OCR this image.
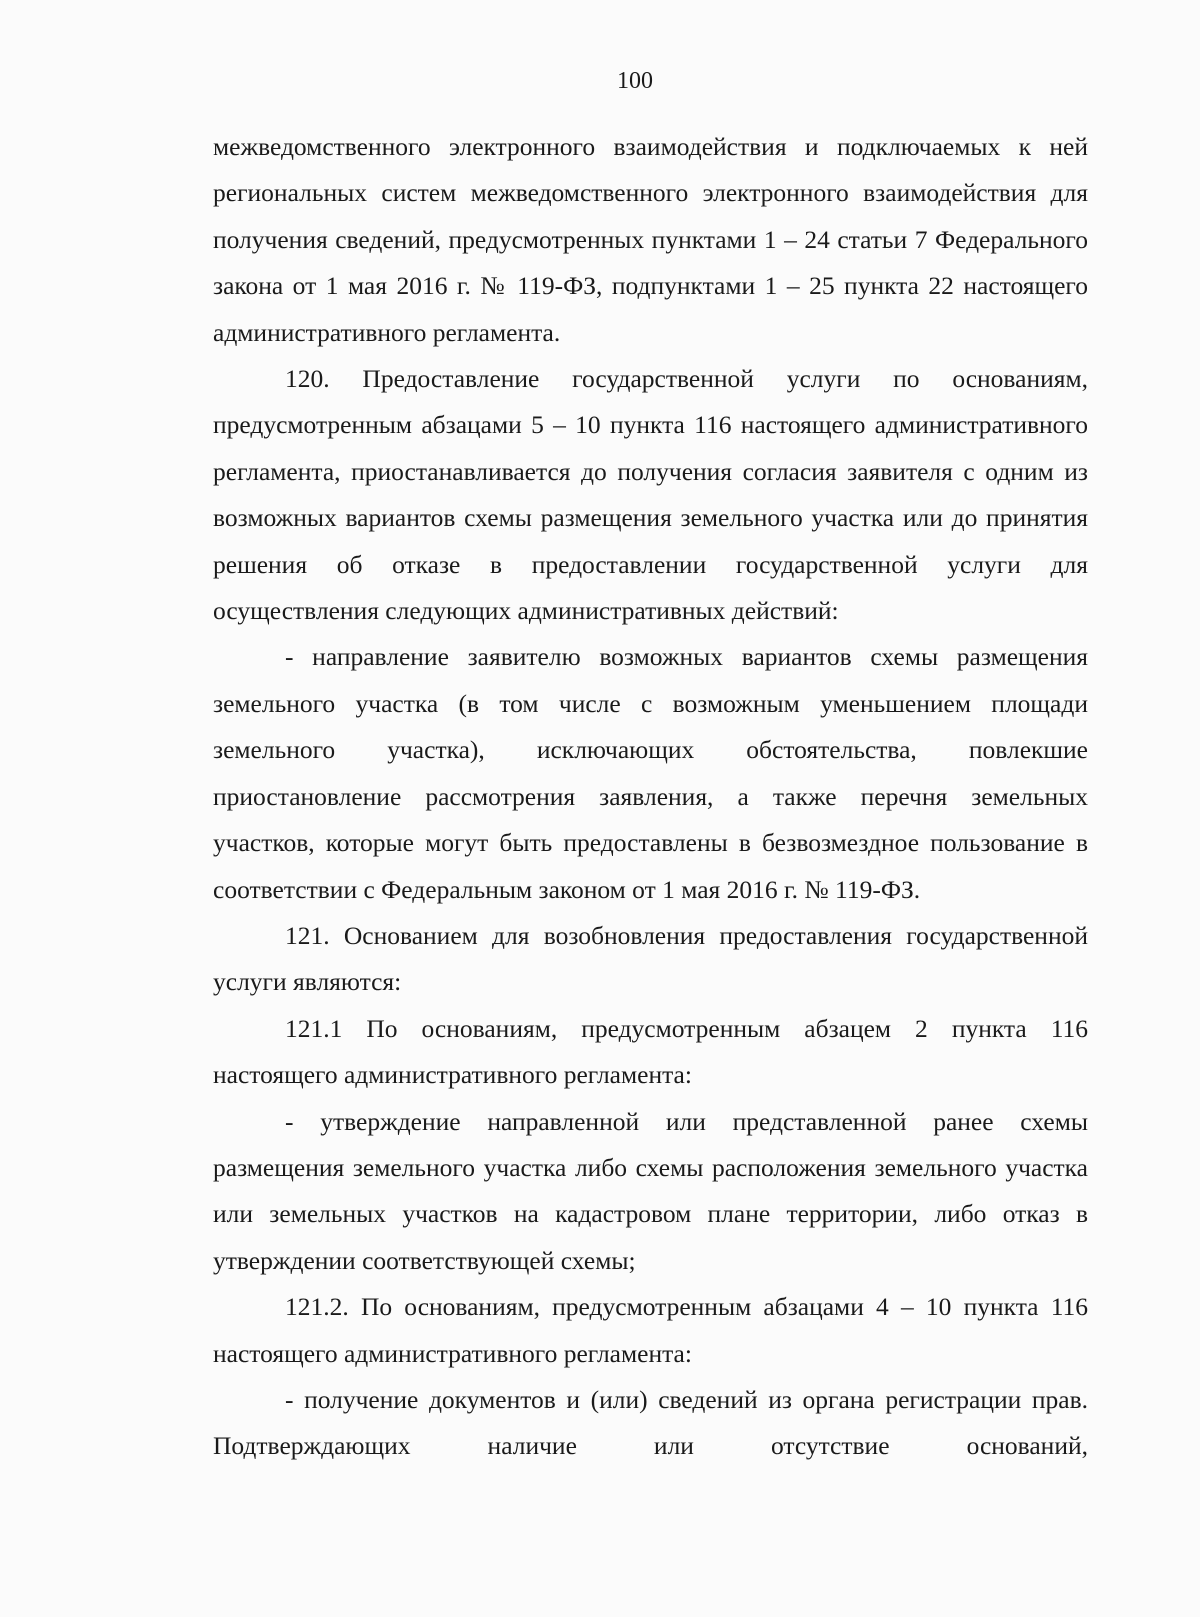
100

межведомственного электронного взаимодействия и подключаемых к ней региональных систем межведомственного электронного взаимодействия для получения сведений, предусмотренных пунктами 1 – 24 статьи 7 Федерального закона от 1 мая 2016 г. № 119-ФЗ, подпунктами 1 – 25 пункта 22 настоящего административного регламента.

120. Предоставление государственной услуги по основаниям, предусмотренным абзацами 5 – 10 пункта 116 настоящего административного регламента, приостанавливается до получения согласия заявителя с одним из возможных вариантов схемы размещения земельного участка или до принятия решения об отказе в предоставлении государственной услуги для осуществления следующих административных действий:

- направление заявителю возможных вариантов схемы размещения земельного участка (в том числе с возможным уменьшением площади земельного участка), исключающих обстоятельства, повлекшие приостановление рассмотрения заявления, а также перечня земельных участков, которые могут быть предоставлены в безвозмездное пользование в соответствии с Федеральным законом от 1 мая 2016 г. № 119-ФЗ.

121. Основанием для возобновления предоставления государственной услуги являются:

121.1 По основаниям, предусмотренным абзацем 2 пункта 116 настоящего административного регламента:

- утверждение направленной или представленной ранее схемы размещения земельного участка либо схемы расположения земельного участка или земельных участков на кадастровом плане территории, либо отказ в утверждении соответствующей схемы;

121.2. По основаниям, предусмотренным абзацами 4 – 10 пункта 116 настоящего административного регламента:

- получение документов и (или) сведений из органа регистрации прав. Подтверждающих наличие или отсутствие оснований,
